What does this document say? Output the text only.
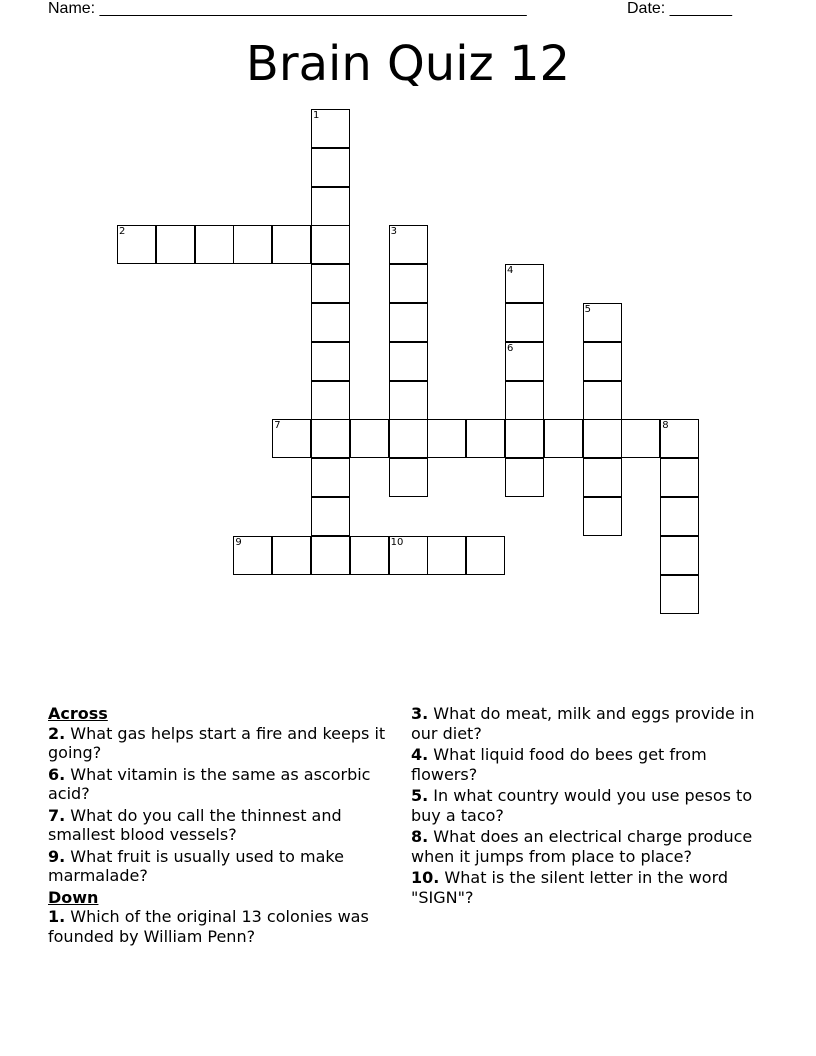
Name: ________________________________________________	Date: _______
Brain Quiz 12
1
2	3
4
6
5
7	8
9	10
Across
2. What gas helps start a fire and keeps it going?
6. What vitamin is the same as ascorbic acid?
7. What do you call the thinnest and smallest blood vessels?
9. What fruit is usually used to make marmalade?
Down
1. Which of the original 13 colonies was founded by William Penn?
3. What do meat, milk and eggs provide in our diet?
4. What liquid food do bees get from flowers?
5. In what country would you use pesos to buy a taco?
8. What does an electrical charge produce when it jumps from place to place?
10. What is the silent letter in the word "SIGN"?
